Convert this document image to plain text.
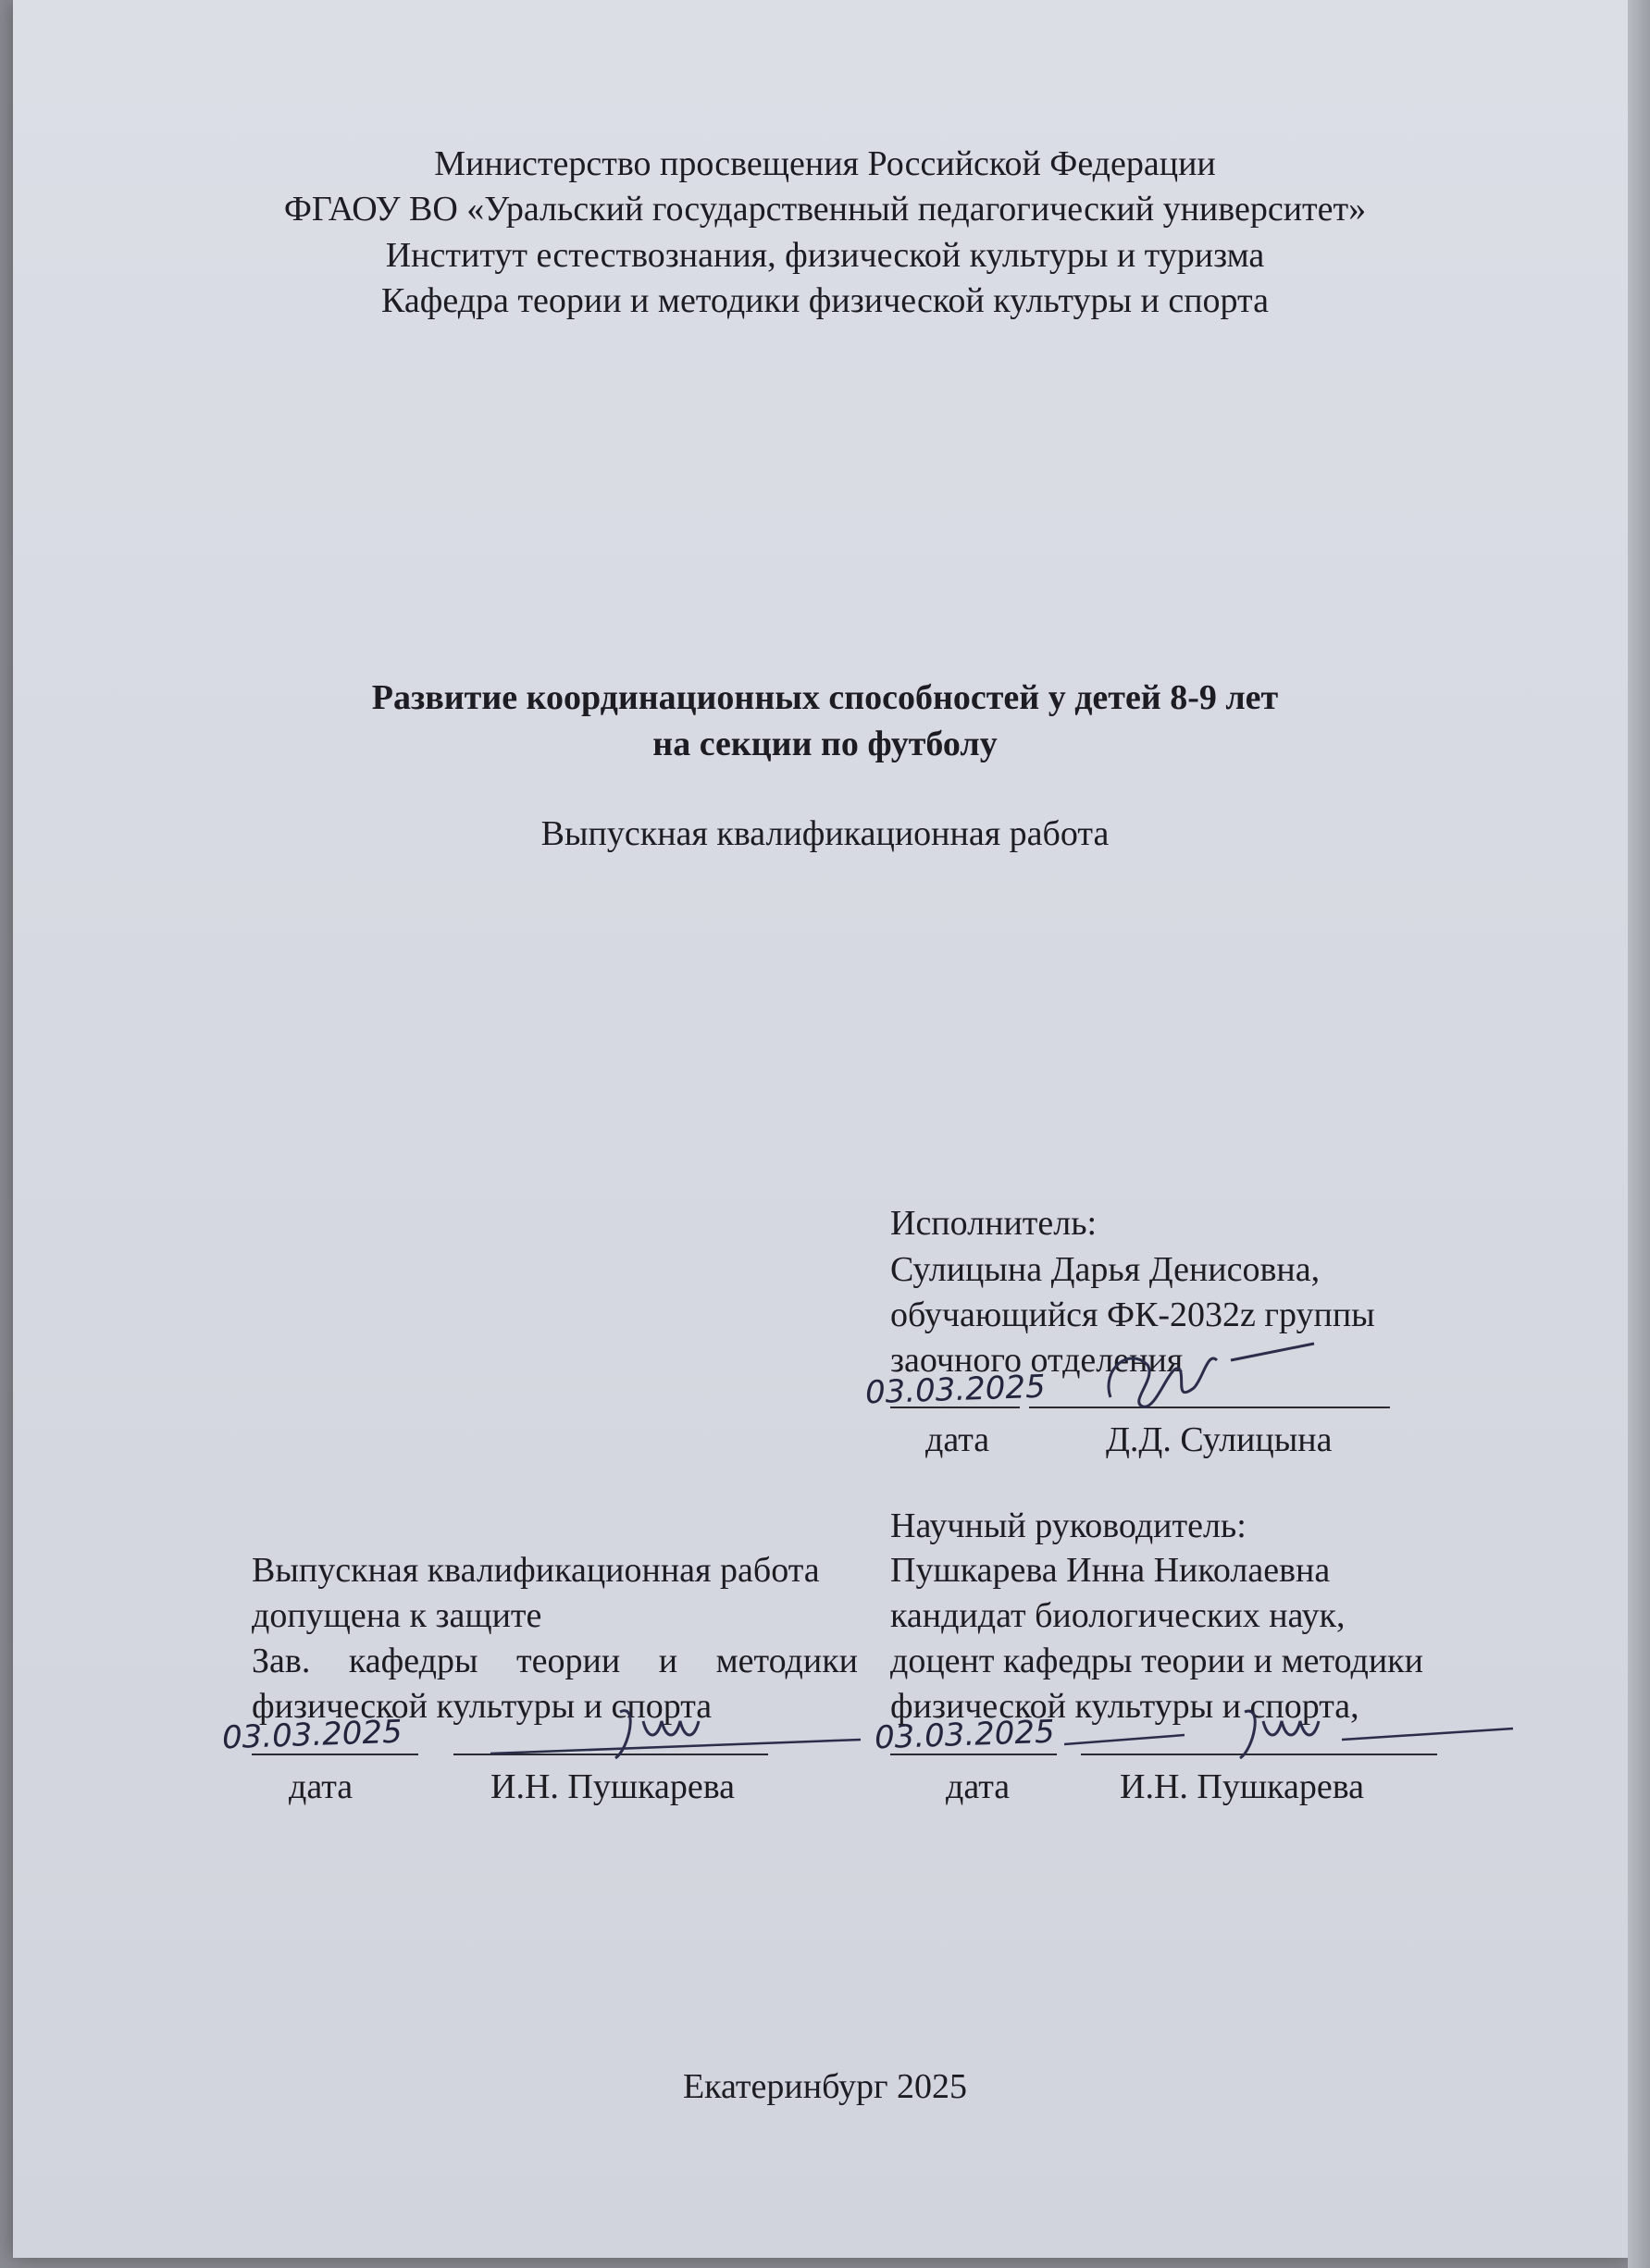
Министерство просвещения Российской Федерации
ФГАОУ ВО «Уральский государственный педагогический университет»
Институт естествознания, физической культуры и туризма
Кафедра теории и методики физической культуры и спорта
Развитие координационных способностей у детей 8-9 лет
на секции по футболу
Выпускная квалификационная работа
Исполнитель:
Сулицына Дарья Денисовна,
обучающийся ФК-2032z группы
заочного отделения
03.03.2025
дата	Д.Д. Сулицына
Научный руководитель:
Пушкарева Инна Николаевна
кандидат биологических наук,
доцент кафедры теории и методики
физической культуры и спорта,
Выпускная квалификационная работа
допущена к защите
Зав. кафедры теории и методики
физической культуры и спорта
03.03.2025
дата	И.Н. Пушкарева
03.03.2025
дата	И.Н. Пушкарева
Екатеринбург 2025
